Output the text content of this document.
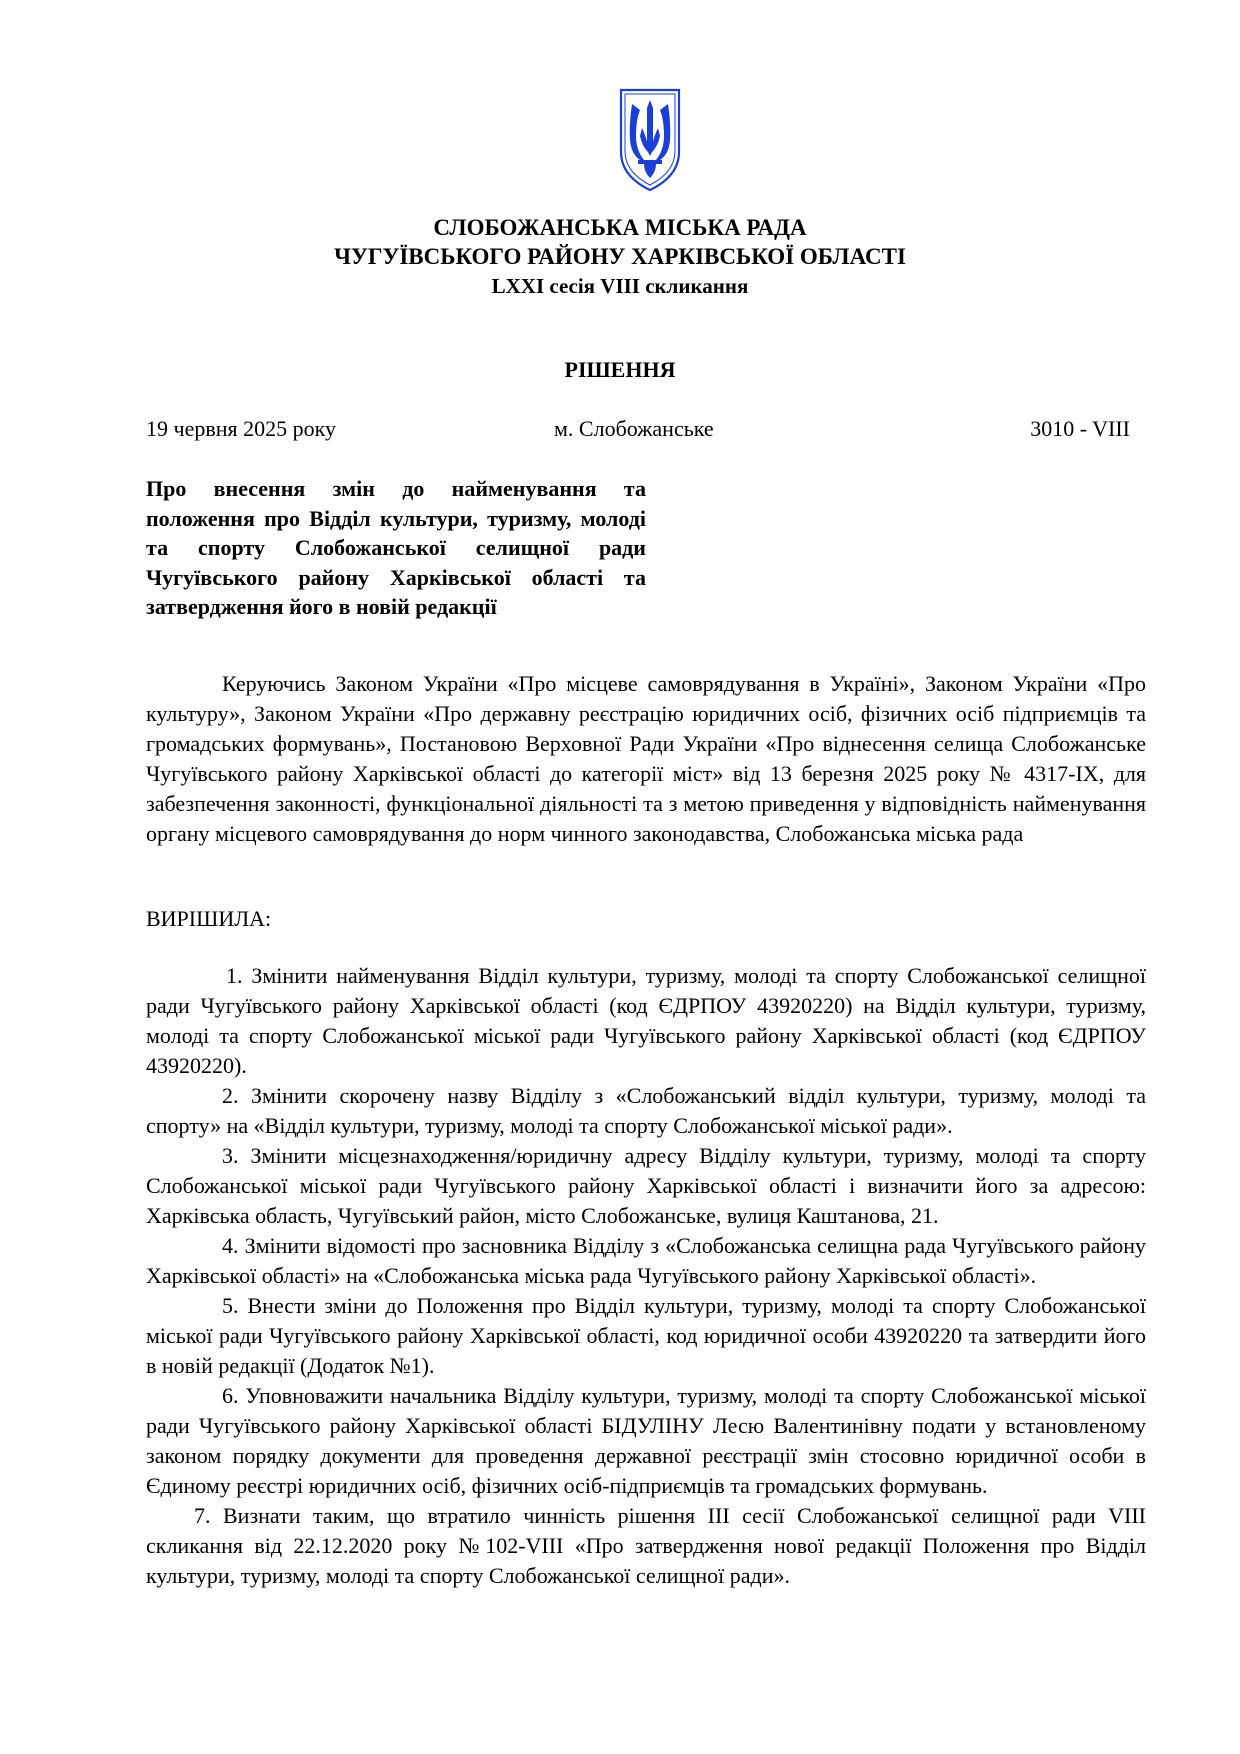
СЛОБОЖАНСЬКА МІСЬКА РАДА
ЧУГУЇВСЬКОГО РАЙОНУ ХАРКІВСЬКОЇ ОБЛАСТІ
LXXI сесія VIII скликання
РІШЕННЯ
19 червня 2025 року	м. Слобожанське	3010 - VIII
Про внесення змін до найменування та положення про Відділ культури, туризму, молоді та спорту Слобожанської селищної ради Чугуївського району Харківської області та затвердження його в новій редакції
Керуючись Законом України «Про місцеве самоврядування в Україні», Законом України «Про культуру», Законом України «Про державну реєстрацію юридичних осіб, фізичних осіб підприємців та громадських формувань», Постановою Верховної Ради України «Про віднесення селища Слобожанське Чугуївського району Харківської області до категорії міст» від 13 березня 2025 року № 4317-ІХ, для забезпечення законності, функціональної діяльності та з метою приведення у відповідність найменування органу місцевого самоврядування до норм чинного законодавства, Слобожанська міська рада
ВИРІШИЛА:

1. Змінити найменування Відділ культури, туризму, молоді та спорту Слобожанської селищної ради Чугуївського району Харківської області (код ЄДРПОУ 43920220) на Відділ культури, туризму, молоді та спорту Слобожанської міської ради Чугуївського району Харківської області (код ЄДРПОУ 43920220).

2. Змінити скорочену назву Відділу з «Слобожанський відділ культури, туризму, молоді та спорту» на «Відділ культури, туризму, молоді та спорту Слобожанської міської ради».

3. Змінити місцезнаходження/юридичну адресу Відділу культури, туризму, молоді та спорту Слобожанської міської ради Чугуївського району Харківської області і визначити його за адресою: Харківська область, Чугуївський район, місто Слобожанське, вулиця Каштанова, 21.

4. Змінити відомості про засновника Відділу з «Слобожанська селищна рада Чугуївського району Харківської області» на «Слобожанська міська рада Чугуївського району Харківської області».

5. Внести зміни до Положення про Відділ культури, туризму, молоді та спорту Слобожанської міської ради Чугуївського району Харківської області, код юридичної особи 43920220 та затвердити його в новій редакції (Додаток №1).

6. Уповноважити начальника Відділу культури, туризму, молоді та спорту Слобожанської міської ради Чугуївського району Харківської області БІДУЛІНУ Лесю Валентинівну подати у встановленому законом порядку документи для проведення державної реєстрації змін стосовно юридичної особи в Єдиному реєстрі юридичних осіб, фізичних осіб-підприємців та громадських формувань.

7. Визнати таким, що втратило чинність рішення ІІІ сесії Слобожанської селищної ради VIII скликання від 22.12.2020 року №102-VIII «Про затвердження нової редакції Положення про Відділ культури, туризму, молоді та спорту Слобожанської селищної ради».
